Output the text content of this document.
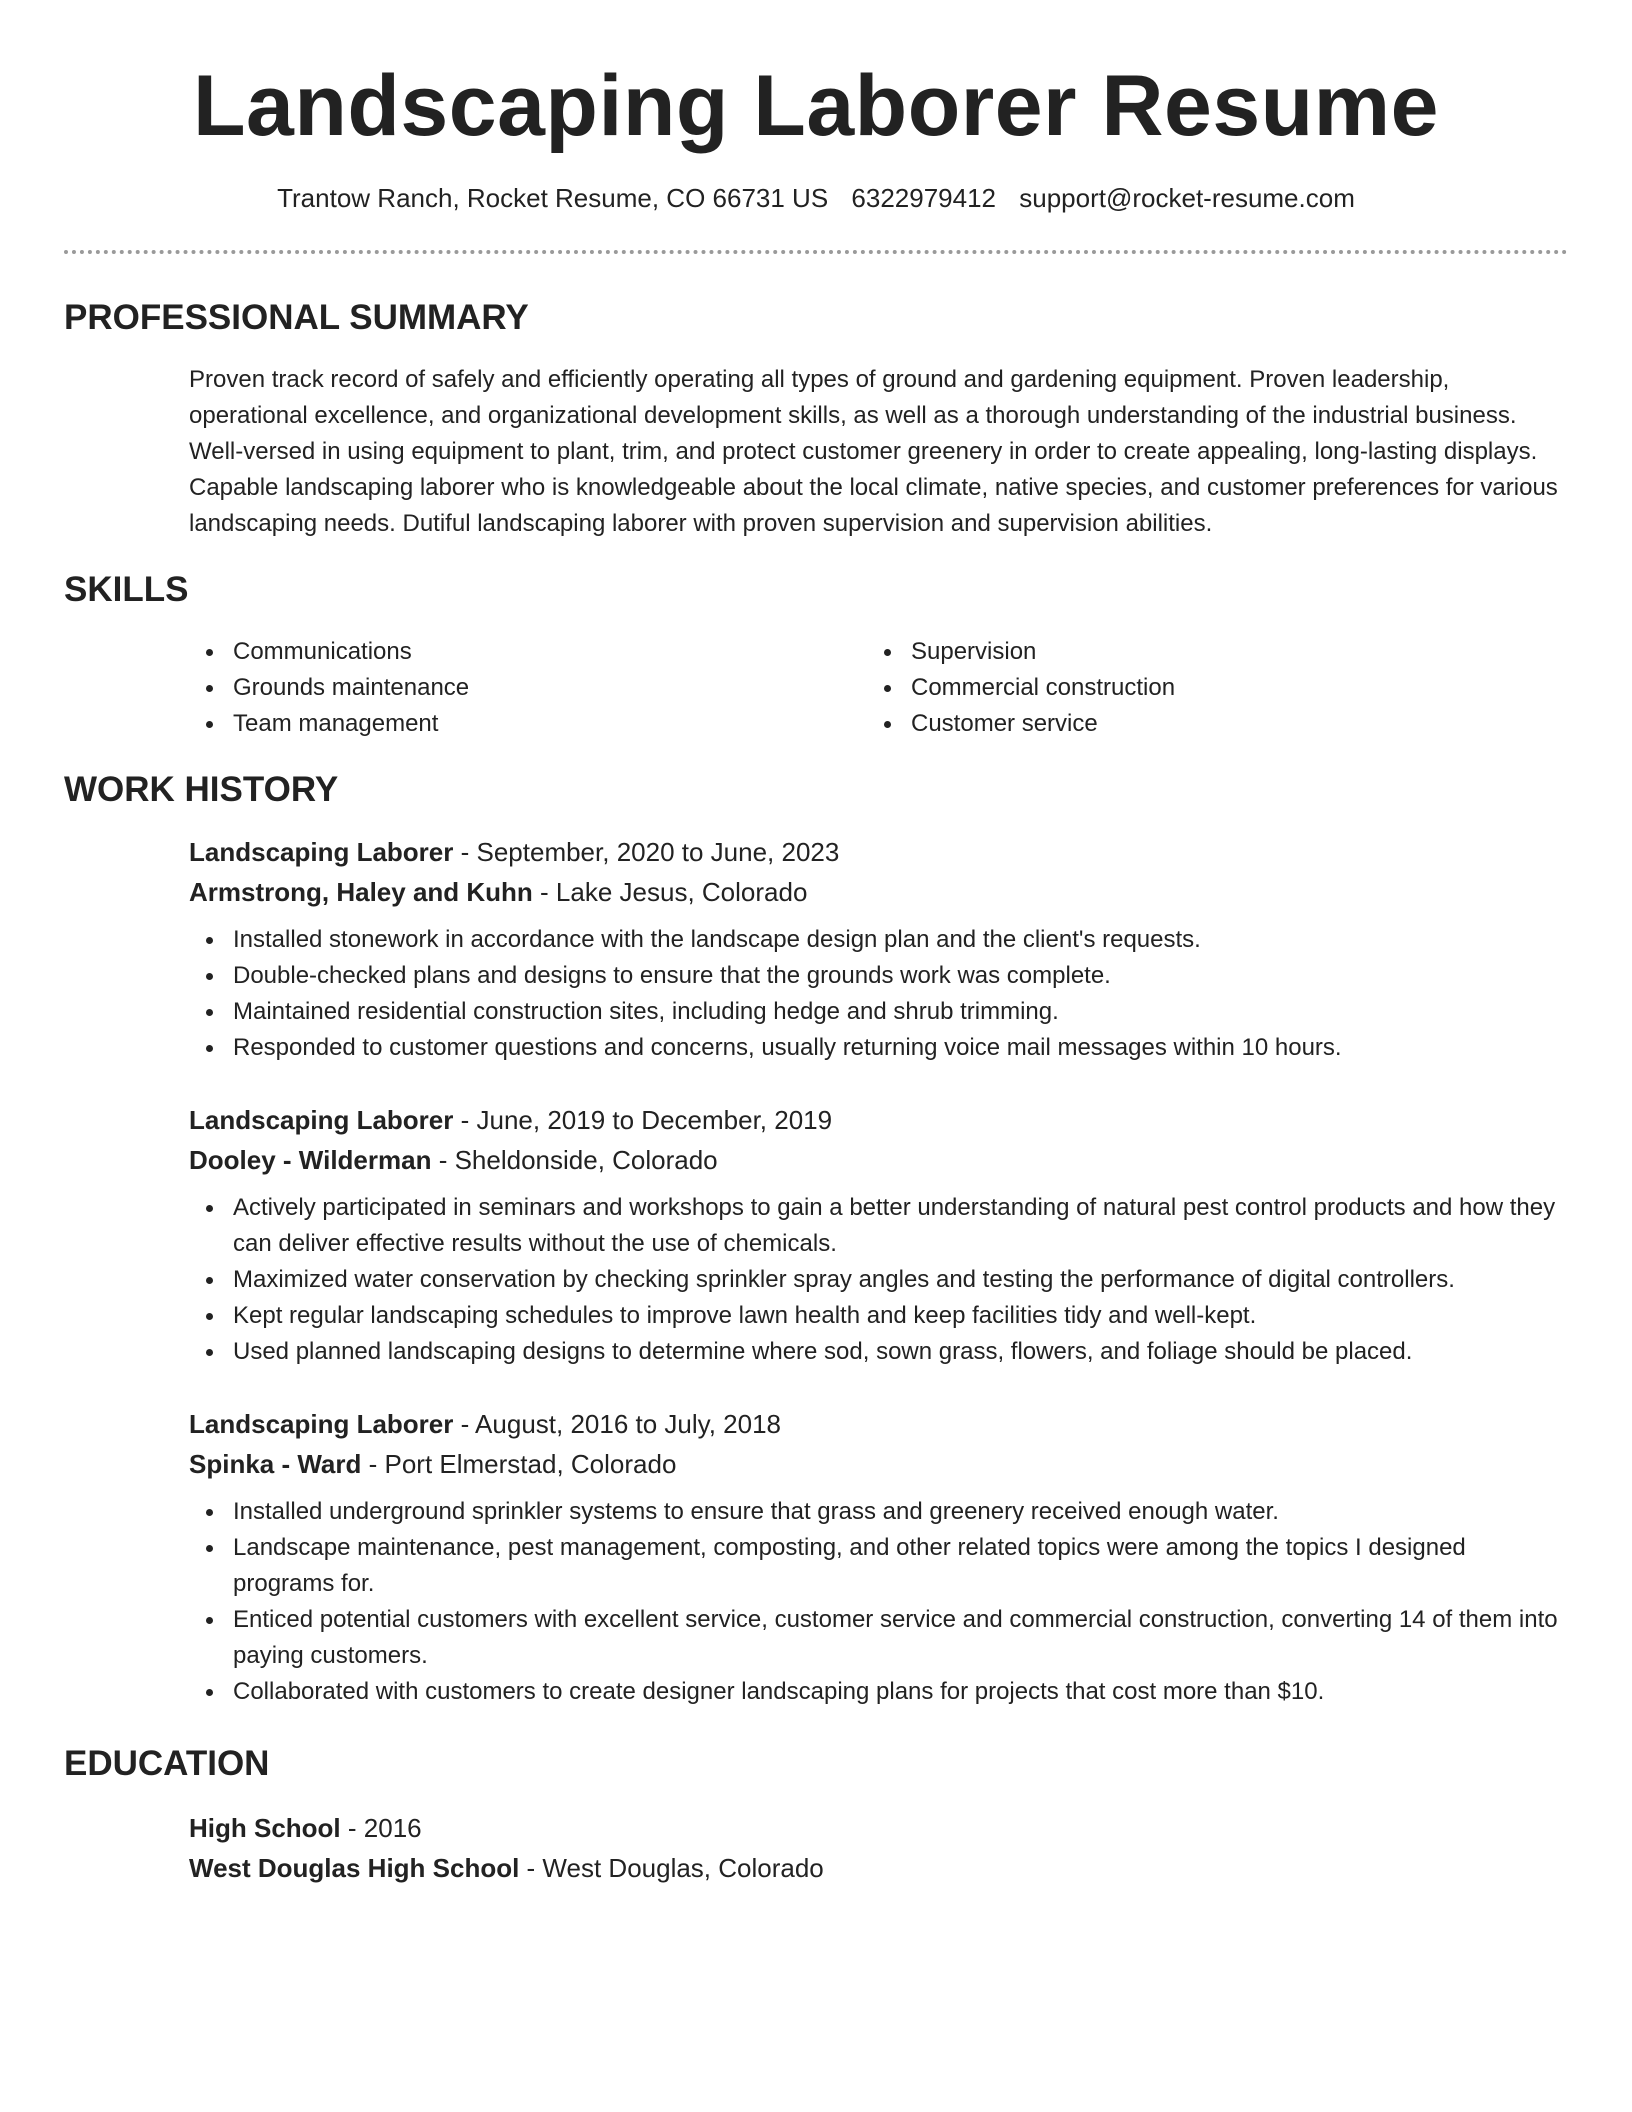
Landscaping Laborer Resume
Trantow Ranch, Rocket Resume, CO 66731 US 6322979412 support@rocket-resume.com
PROFESSIONAL SUMMARY

Proven track record of safely and efficiently operating all types of ground and gardening equipment. Proven leadership, operational excellence, and organizational development skills, as well as a thorough understanding of the industrial business. Well-versed in using equipment to plant, trim, and protect customer greenery in order to create appealing, long-lasting displays. Capable landscaping laborer who is knowledgeable about the local climate, native species, and customer preferences for various landscaping needs. Dutiful landscaping laborer with proven supervision and supervision abilities.

SKILLS
Communications
Grounds maintenance
Team management
Supervision
Commercial construction
Customer service
WORK HISTORY
Landscaping Laborer - September, 2020 to June, 2023
Armstrong, Haley and Kuhn - Lake Jesus, Colorado
Installed stonework in accordance with the landscape design plan and the client's requests.
Double-checked plans and designs to ensure that the grounds work was complete.
Maintained residential construction sites, including hedge and shrub trimming.
Responded to customer questions and concerns, usually returning voice mail messages within 10 hours.
Landscaping Laborer - June, 2019 to December, 2019
Dooley - Wilderman - Sheldonside, Colorado
Actively participated in seminars and workshops to gain a better understanding of natural pest control products and how they can deliver effective results without the use of chemicals.
Maximized water conservation by checking sprinkler spray angles and testing the performance of digital controllers.
Kept regular landscaping schedules to improve lawn health and keep facilities tidy and well-kept.
Used planned landscaping designs to determine where sod, sown grass, flowers, and foliage should be placed.
Landscaping Laborer - August, 2016 to July, 2018
Spinka - Ward - Port Elmerstad, Colorado
Installed underground sprinkler systems to ensure that grass and greenery received enough water.
Landscape maintenance, pest management, composting, and other related topics were among the topics I designed programs for.
Enticed potential customers with excellent service, customer service and commercial construction, converting 14 of them into paying customers.
Collaborated with customers to create designer landscaping plans for projects that cost more than $10.
EDUCATION
High School - 2016
West Douglas High School - West Douglas, Colorado
